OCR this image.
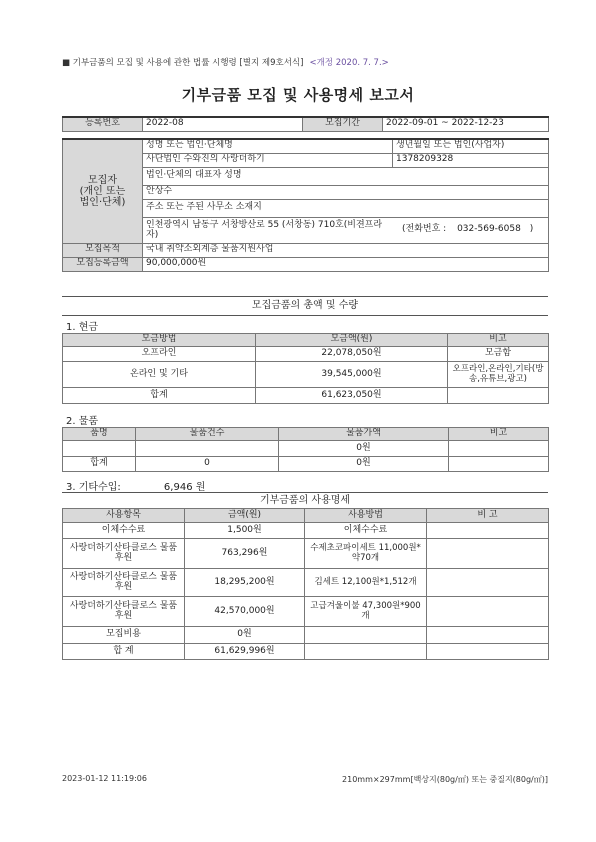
■ 기부금품의 모집 및 사용에 관한 법률 시행령 [별지 제9호서식] <개정 2020. 7. 7.>
기부금품 모집 및 사용명세 보고서
등록번호	2022-08	모집기간	2022-09-01 ~ 2022-12-23
모집자
(개인 또는
법인·단체)	성명 또는 법인·단체명	생년월일 또는 법인(사업자)
	사단법인 수와진의 사랑더하기	1378209328
	법인·단체의 대표자 성명	
	안상수	
	주소 또는 주된 사무소 소재지	

	인천광역시 남동구 서창방산로 55 (서창동) 710호(비젼프라자)
(전화번호 : 032-569-6058 )	

모집목적	국내 취약소외계층 물품지원사업	
모집등록금액	90,000,000원	
모집금품의 총액 및 수량
1. 현금
모금방법	모금액(원)	비고
오프라인	22,078,050원	모금함
온라인 및 기타	39,545,000원	오프라인,온라인,기타(방송,유튜브,광고)
합계	61,623,050원	
2. 물품
품명	물품건수	물품가액	비고
		0원	
합계	0	0원	
3. 기타수입:	6,946 원
기부금품의 사용명세
사용항목	금액(원)	사용방법	비 고
이체수수료	1,500원	이체수수료	
사랑더하기산타클로스 물품후원	763,296원	수제초코파이세트 11,000원*약70개	
사랑더하기산타클로스 물품후원	18,295,200원	김세트 12,100원*1,512개	
사랑더하기산타클로스 물품후원	42,570,000원	고급겨울이불 47,300원*900개	
모집비용	0원		
합 계	61,629,996원		
2023-01-12 11:19:06	210mm×297mm[백상지(80g/㎡) 또는 중질지(80g/㎡)]
